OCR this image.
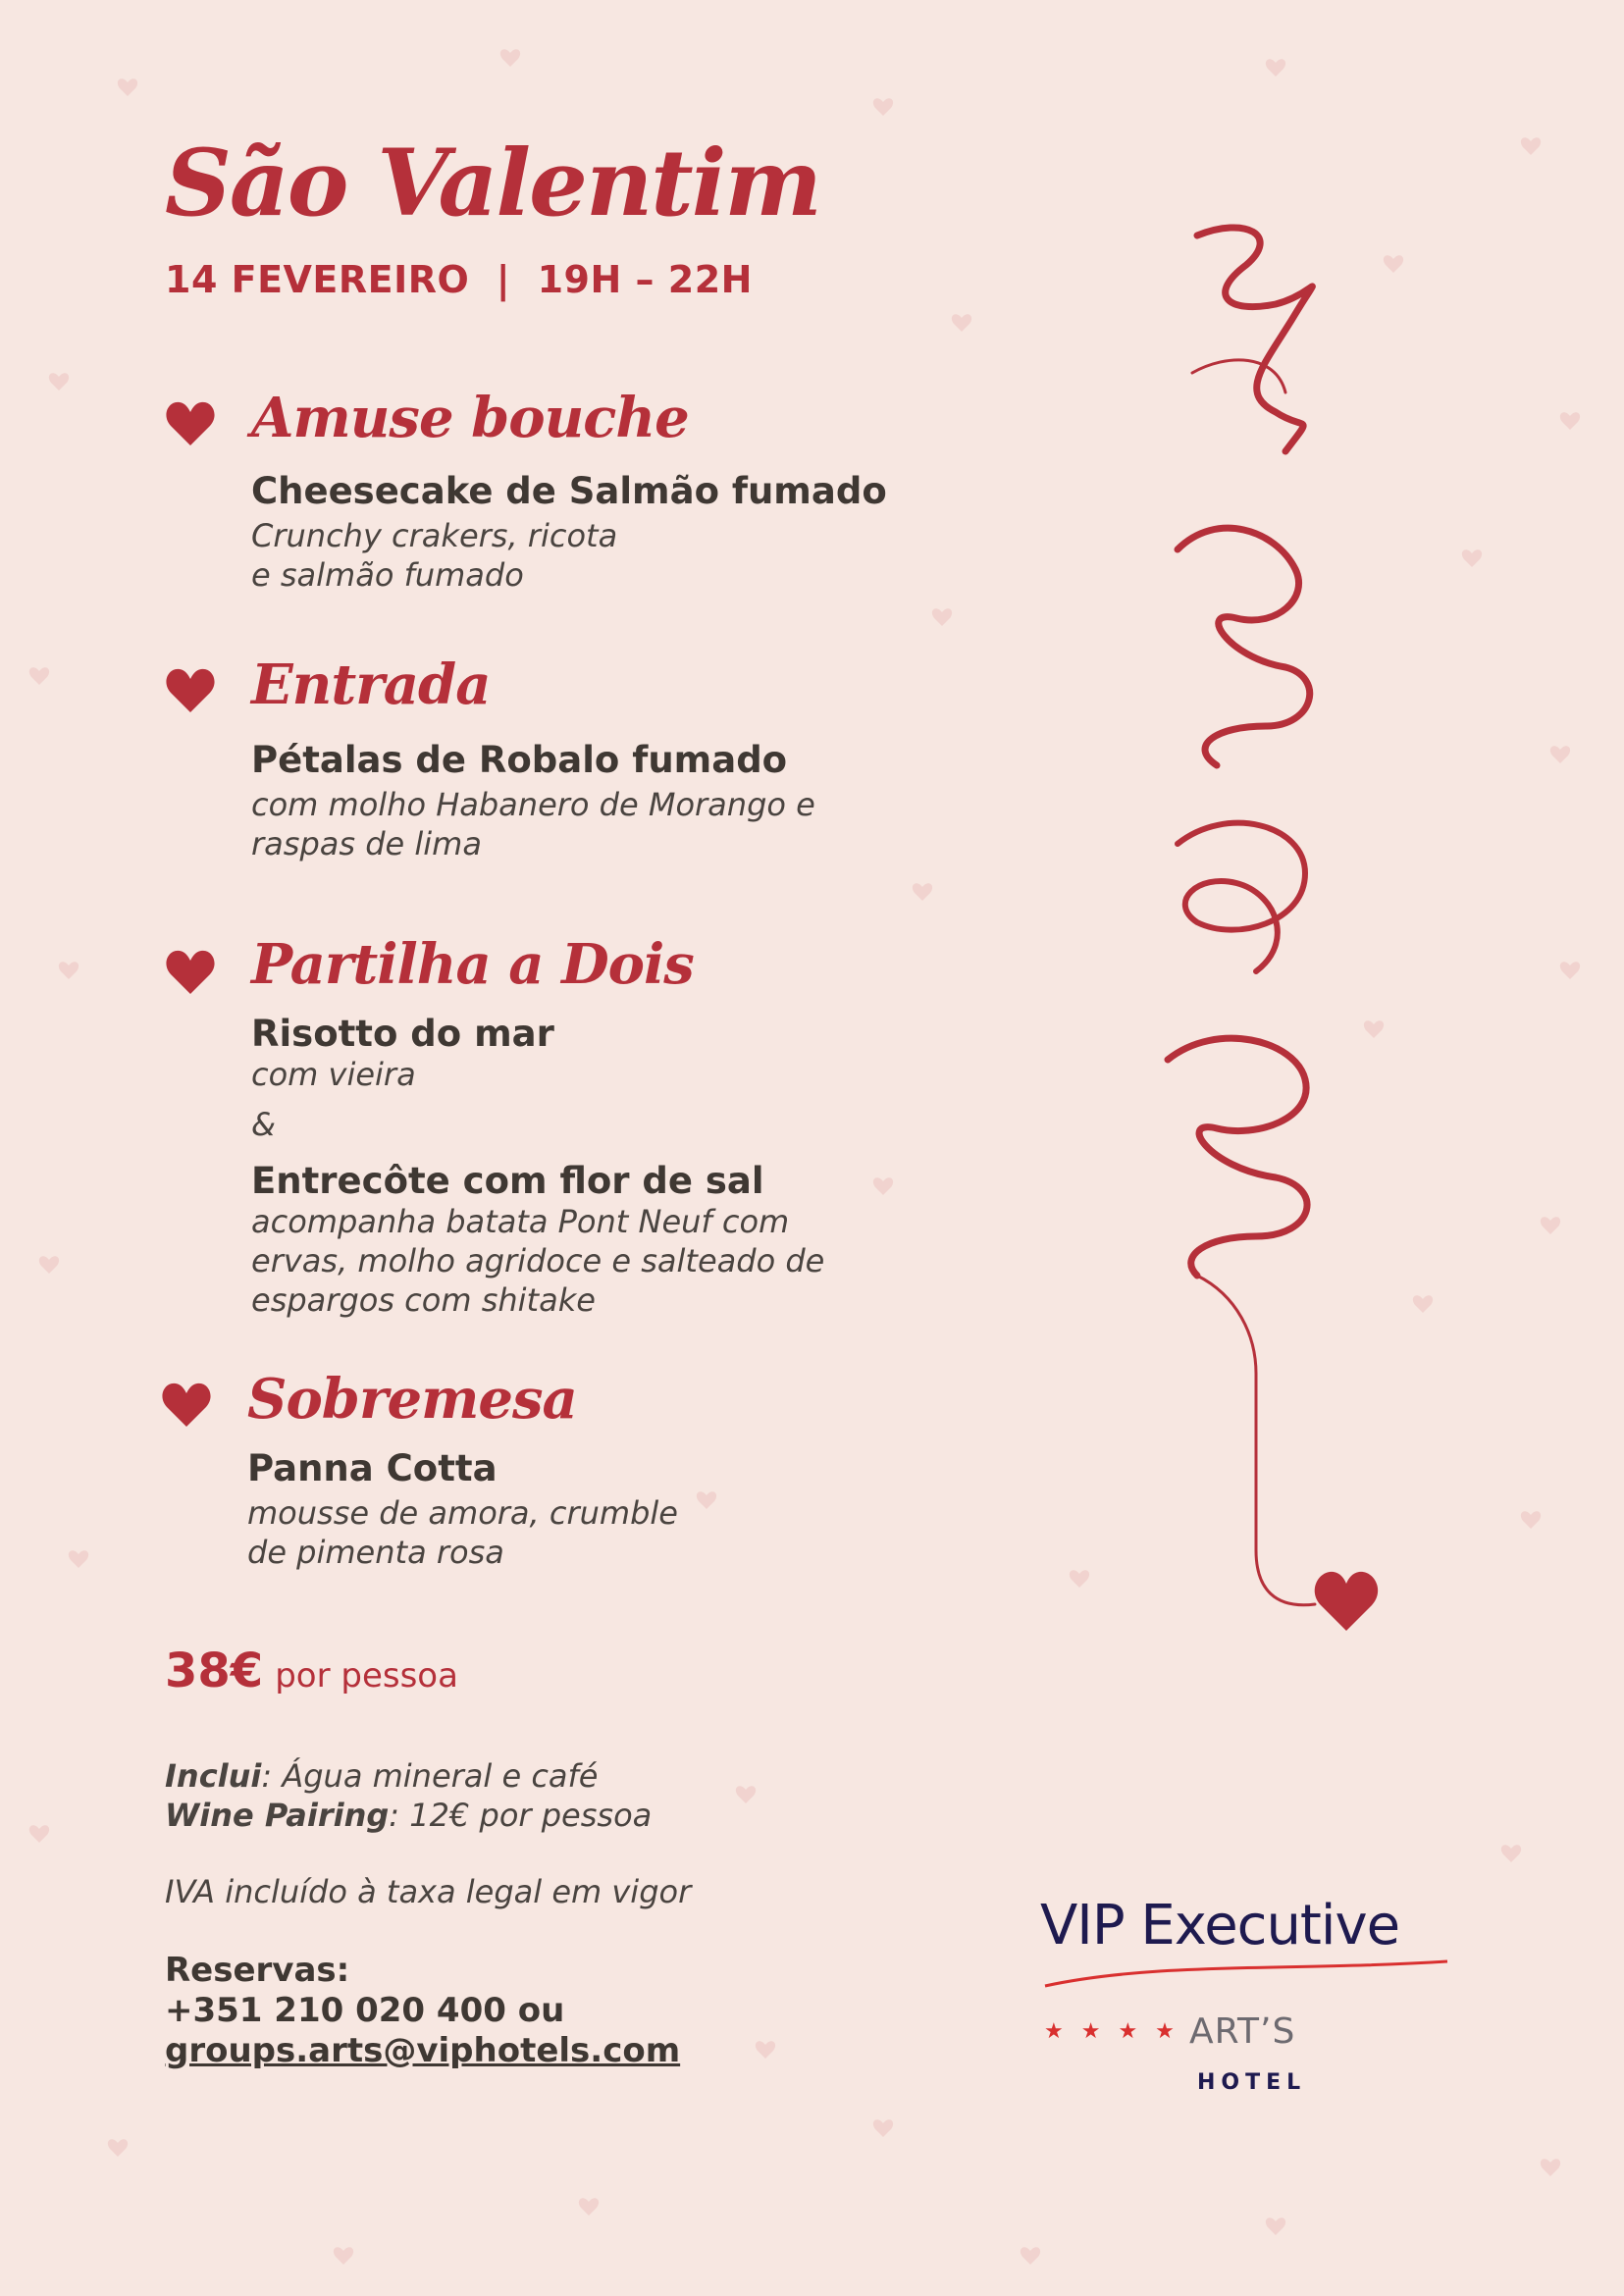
São Valentim
14 FEVEREIRO  |  19H – 22H
Amuse bouche
Cheesecake de Salmão fumado
Crunchy crakers, ricota
e salmão fumado
Entrada
Pétalas de Robalo fumado
com molho Habanero de Morango e
raspas de lima
Partilha a Dois
Risotto do mar
com vieira
&
Entrecôte com flor de sal
acompanha batata Pont Neuf com
ervas, molho agridoce e salteado de
espargos com shitake
Sobremesa
Panna Cotta
mousse de amora, crumble
de pimenta rosa
38€ por pessoa
Inclui: Água mineral e café
Wine Pairing: 12€ por pessoa
IVA incluído à taxa legal em vigor
Reservas:
+351 210 020 400 ou
groups.arts@viphotels.com
VIP Executive
★★★★
ART’S
HOTEL
